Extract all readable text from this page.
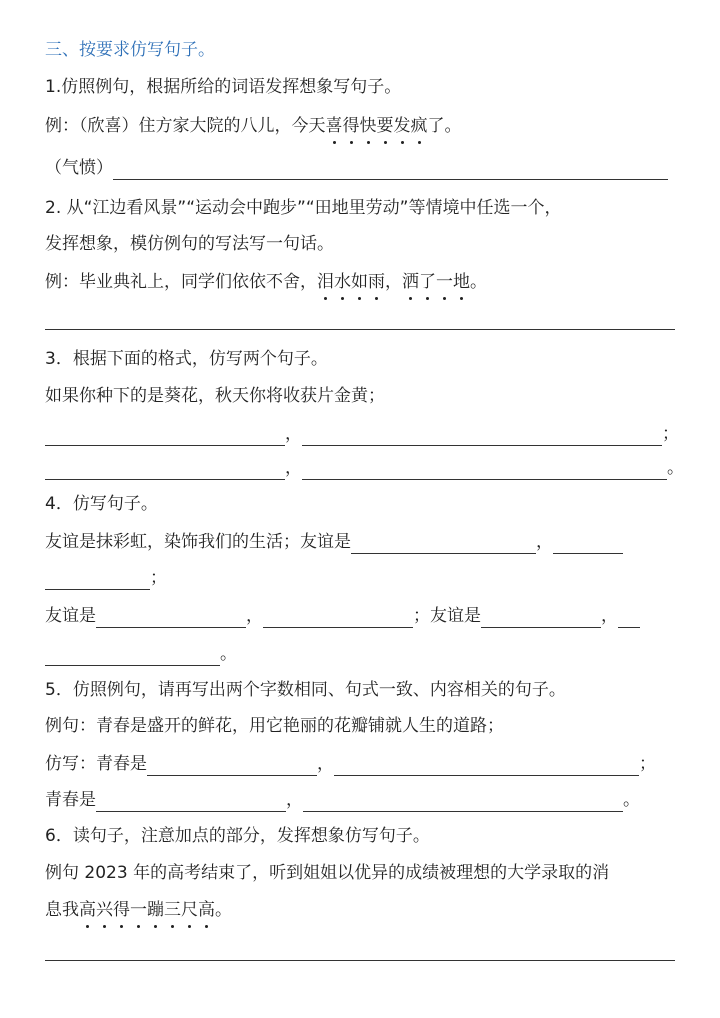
三、按要求仿写句子。
1.仿照例句，根据所给的词语发挥想象写句子。
例：（欣喜）住方家大院的八儿，今天喜得快要发疯了。
（气愤）
2. 从“江边看风景”“运动会中跑步”“田地里劳动”等情境中任选一个，
发挥想象，模仿例句的写法写一句话。
例：毕业典礼上，同学们依依不舍，泪水如雨，洒了一地。
3．根据下面的格式，仿写两个句子。
如果你种下的是葵花，秋天你将收获片金黄；
，	；
，	。
4．仿写句子。
友谊是抹彩虹，染饰我们的生活；友谊是	，
；
友谊是	，	；友谊是	，
。
5．仿照例句，请再写出两个字数相同、句式一致、内容相关的句子。
例句：青春是盛开的鲜花，用它艳丽的花瓣铺就人生的道路；
仿写：青春是	，	；
青春是	，	。
6．读句子，注意加点的部分，发挥想象仿写句子。
例句 2023 年的高考结束了，听到姐姐以优异的成绩被理想的大学录取的消
息我高兴得一蹦三尺高。
